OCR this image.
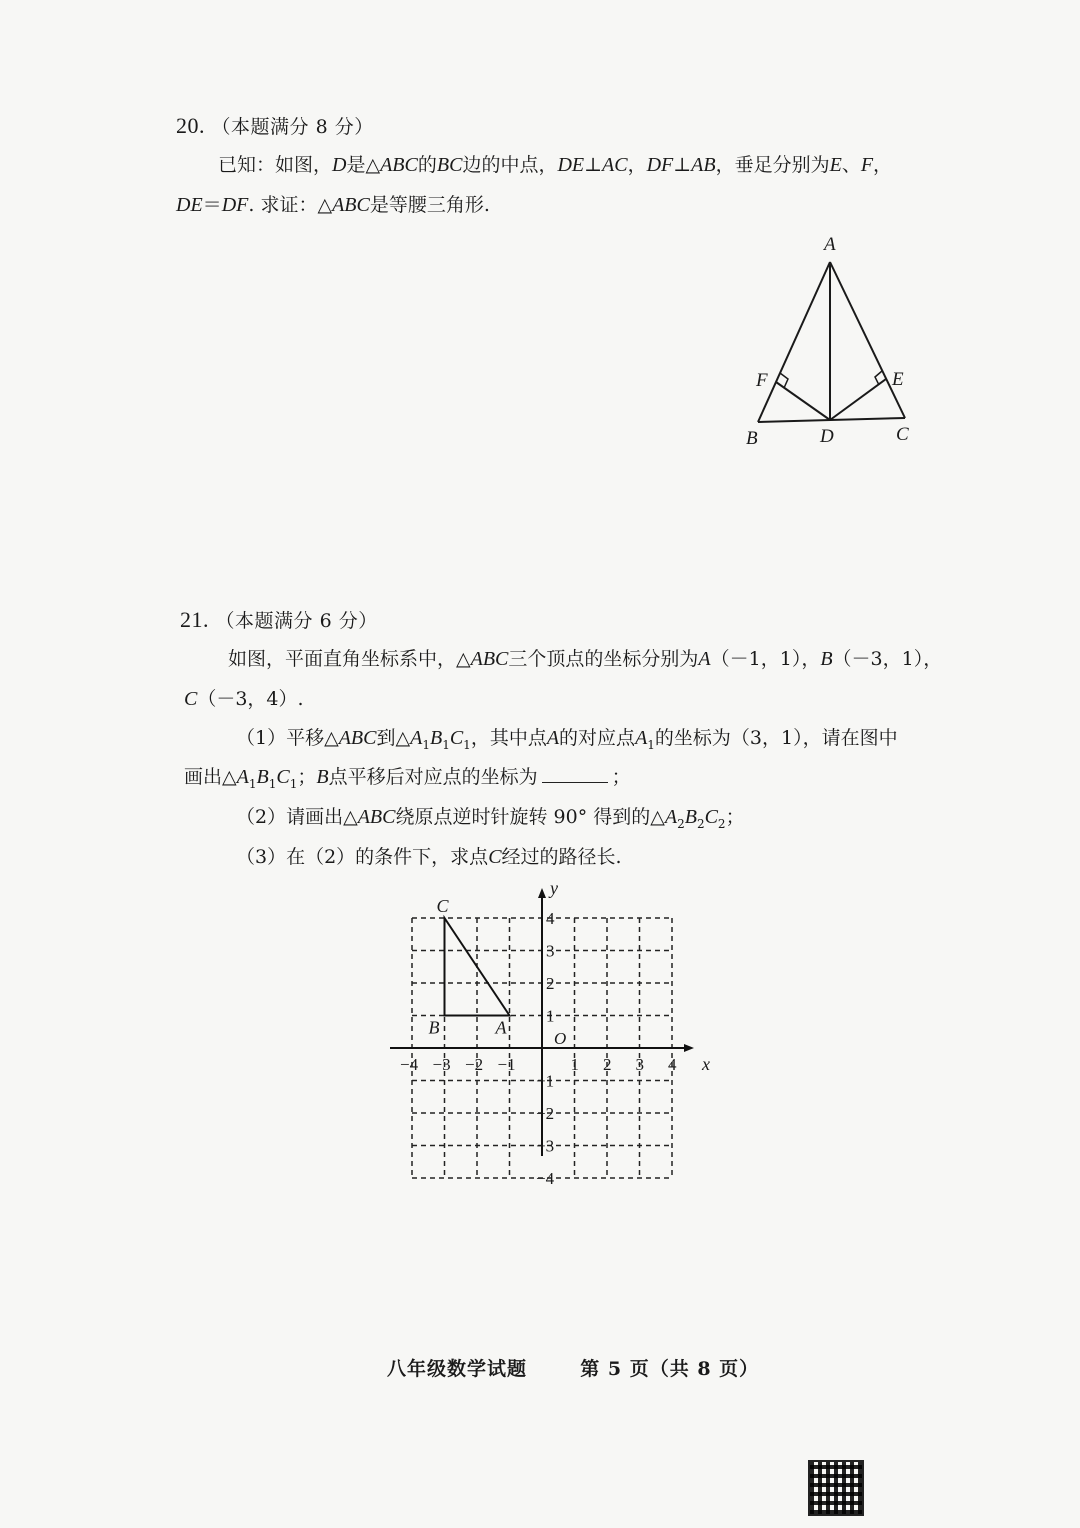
20. （本题满分 8 分）
已知：如图，D是△ABC的BC边的中点，DE⊥AC，DF⊥AB，垂足分别为E、F，
DE＝DF. 求证：△ABC是等腰三角形.
A
B	C
D
E
F
21. （本题满分 6 分）
如图，平面直角坐标系中，△ABC三个顶点的坐标分别为A（－1，1），B（－3，1），
C（－3，4）.
（1）平移△ABC到$\triangle A_1B_1C_1$，其中点A的对应点$A_1$的坐标为（3，1），请在图中
画出$\triangle A_1B_1C_1$；B点平移后对应点的坐标为	；
（2）请画出△ABC绕原点逆时针旋转 90° 得到的$\triangle A_2B_2C_2$；
（3）在（2）的条件下，求点C经过的路径长.
x
y
O
−4 −3 −2 −1	1 2 3 4
4
3
2
1
−1
−2
−3
−4
A
B
C
八年级数学试题	第 5 页（共 8 页）
